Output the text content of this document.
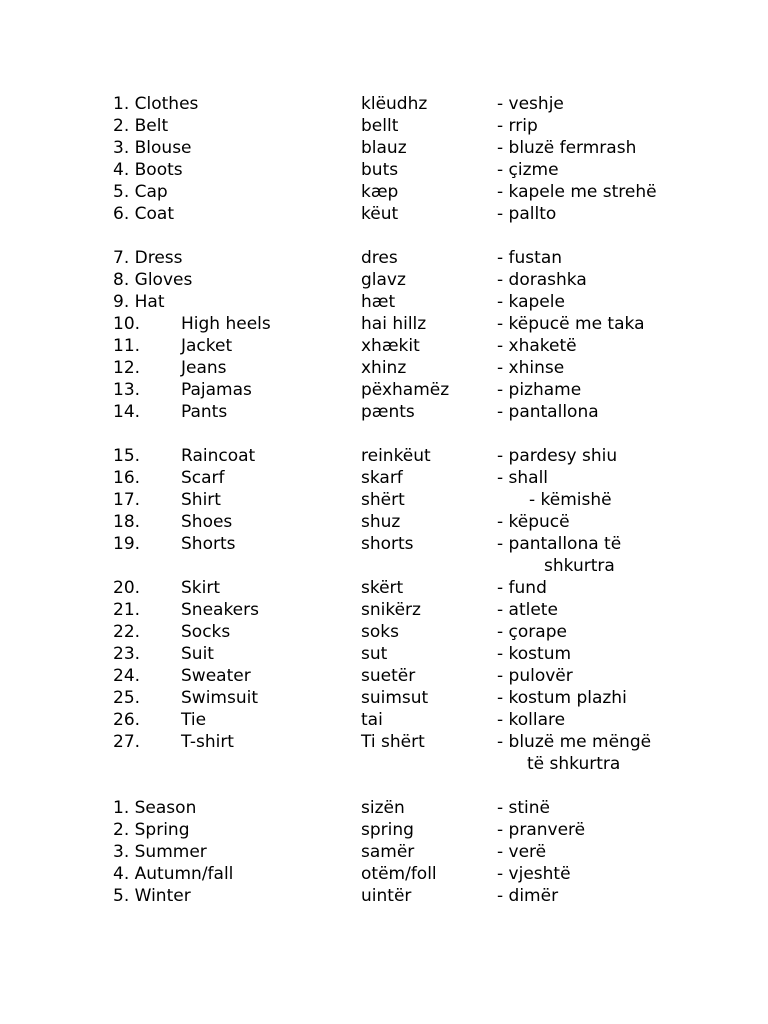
1. Clothes	klëudhz	- veshje
2. Belt	bellt	- rrip
3. Blouse	blauz	- bluzë fermrash
4. Boots	buts	- çizme
5. Cap	kæp	- kapele me strehë
6. Coat	këut	- pallto
7. Dress	dres	- fustan
8. Gloves	glavz	- dorashka
9. Hat	hæt	- kapele
10. High heels	hai hillz	- këpucë me taka
11. Jacket	xhækit	- xhaketë
12. Jeans	xhinz	- xhinse
13. Pajamas	pëxhamëz	- pizhame
14. Pants	pænts	- pantallona
15. Raincoat	reinkëut	- pardesy shiu
16. Scarf	skarf	- shall
17. Shirt	shërt	- këmishë
18. Shoes	shuz	- këpucë
19. Shorts	shorts	- pantallona të
shkurtra
20. Skirt	skërt	- fund
21. Sneakers	snikërz	- atlete
22. Socks	soks	- çorape
23. Suit	sut	- kostum
24. Sweater	suetër	- pulovër
25. Swimsuit	suimsut	- kostum plazhi
26. Tie	tai	- kollare
27. T-shirt	Ti shërt	- bluzë me mëngë
të shkurtra
1. Season	sizën	- stinë
2. Spring	spring	- pranverë
3. Summer	samër	- verë
4. Autumn/fall	otëm/foll	- vjeshtë
5. Winter	uintër	- dimër
